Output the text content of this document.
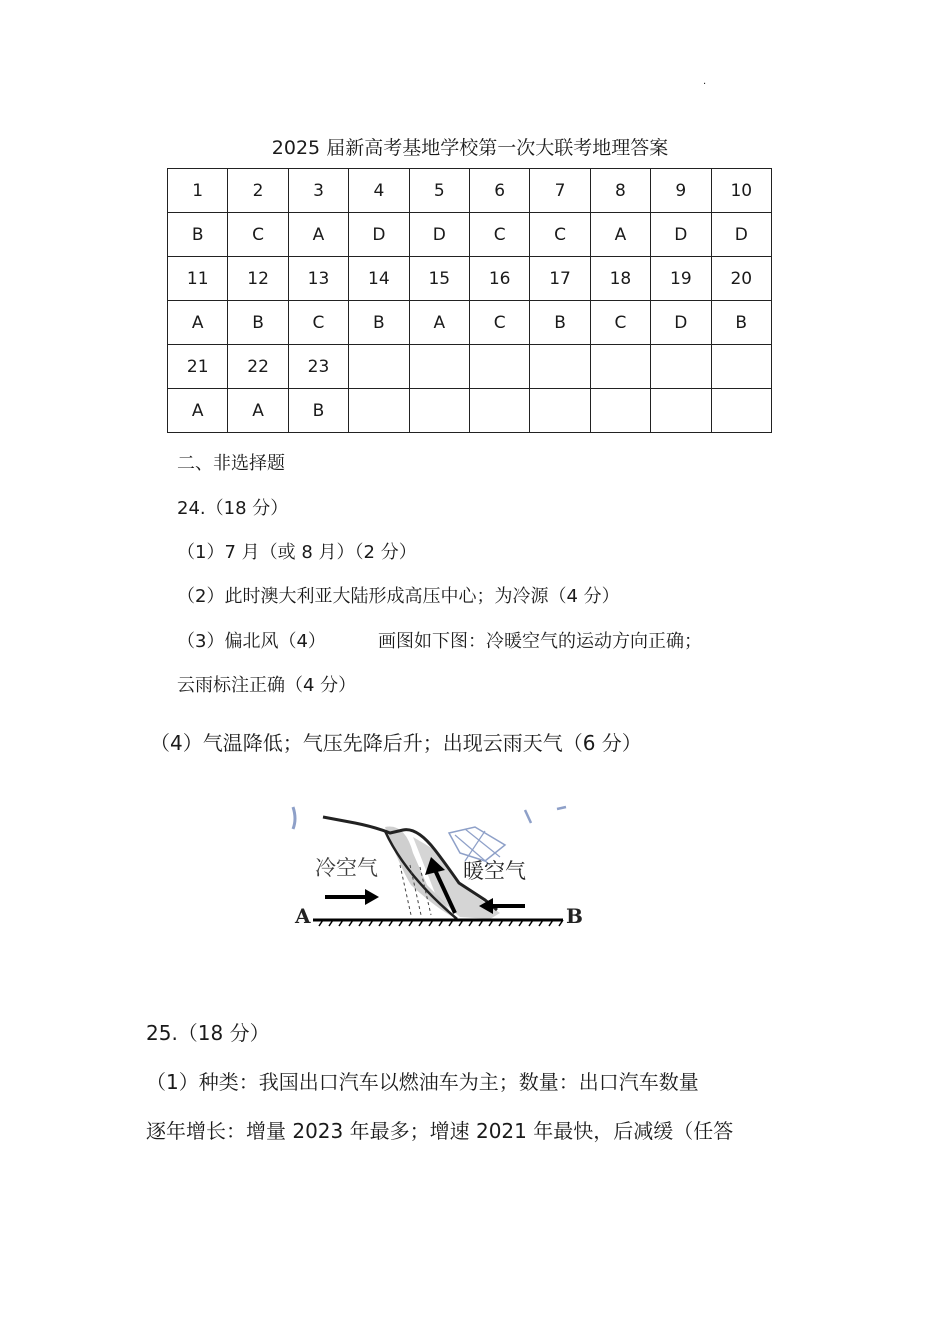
.
2025 届新高考基地学校第一次大联考地理答案
1	2	3	4	5	6	7	8	9	10
B	C	A	D	D	C	C	A	D	D
11	12	13	14	15	16	17	18	19	20
A	B	C	B	A	C	B	C	D	B
21	22	23							
A	A	B							
二、非选择题
24.（18 分）
（1）7 月（或 8 月）（2 分）
（2）此时澳大利亚大陆形成高压中心；为冷源（4 分）
（3）偏北风（4）	画图如下图：冷暖空气的运动方向正确；
云雨标注正确（4 分）
（4）气温降低；气压先降后升；出现云雨天气（6 分）
冷空气	暖空气
A	B
25.（18 分）
（1）种类：我国出口汽车以燃油车为主；数量：出口汽车数量
逐年增长：增量 2023 年最多；增速 2021 年最快，后减缓（任答
